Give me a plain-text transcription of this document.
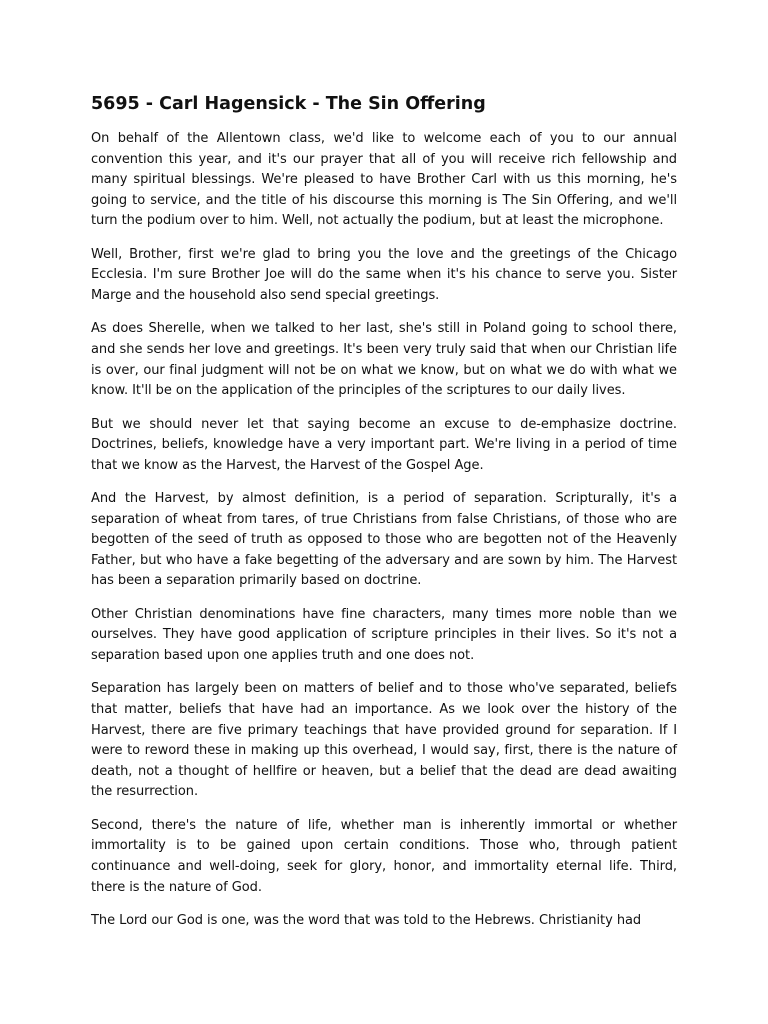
5695 - Carl Hagensick - The Sin Offering

On behalf of the Allentown class, we'd like to welcome each of you to our annual convention this year, and it's our prayer that all of you will receive rich fellowship and many spiritual blessings. We're pleased to have Brother Carl with us this morning, he's going to service, and the title of his discourse this morning is The Sin Offering, and we'll turn the podium over to him. Well, not actually the podium, but at least the microphone.

Well, Brother, first we're glad to bring you the love and the greetings of the Chicago Ecclesia. I'm sure Brother Joe will do the same when it's his chance to serve you. Sister Marge and the household also send special greetings.

As does Sherelle, when we talked to her last, she's still in Poland going to school there, and she sends her love and greetings. It's been very truly said that when our Christian life is over, our final judgment will not be on what we know, but on what we do with what we know. It'll be on the application of the principles of the scriptures to our daily lives.

But we should never let that saying become an excuse to de-emphasize doctrine. Doctrines, beliefs, knowledge have a very important part. We're living in a period of time that we know as the Harvest, the Harvest of the Gospel Age.

And the Harvest, by almost definition, is a period of separation. Scripturally, it's a separation of wheat from tares, of true Christians from false Christians, of those who are begotten of the seed of truth as opposed to those who are begotten not of the Heavenly Father, but who have a fake begetting of the adversary and are sown by him. The Harvest has been a separation primarily based on doctrine.

Other Christian denominations have fine characters, many times more noble than we ourselves. They have good application of scripture principles in their lives. So it's not a separation based upon one applies truth and one does not.

Separation has largely been on matters of belief and to those who've separated, beliefs that matter, beliefs that have had an importance. As we look over the history of the Harvest, there are five primary teachings that have provided ground for separation. If I were to reword these in making up this overhead, I would say, first, there is the nature of death, not a thought of hellfire or heaven, but a belief that the dead are dead awaiting the resurrection.

Second, there's the nature of life, whether man is inherently immortal or whether immortality is to be gained upon certain conditions. Those who, through patient continuance and well-doing, seek for glory, honor, and immortality eternal life. Third, there is the nature of God.

The Lord our God is one, was the word that was told to the Hebrews. Christianity had
